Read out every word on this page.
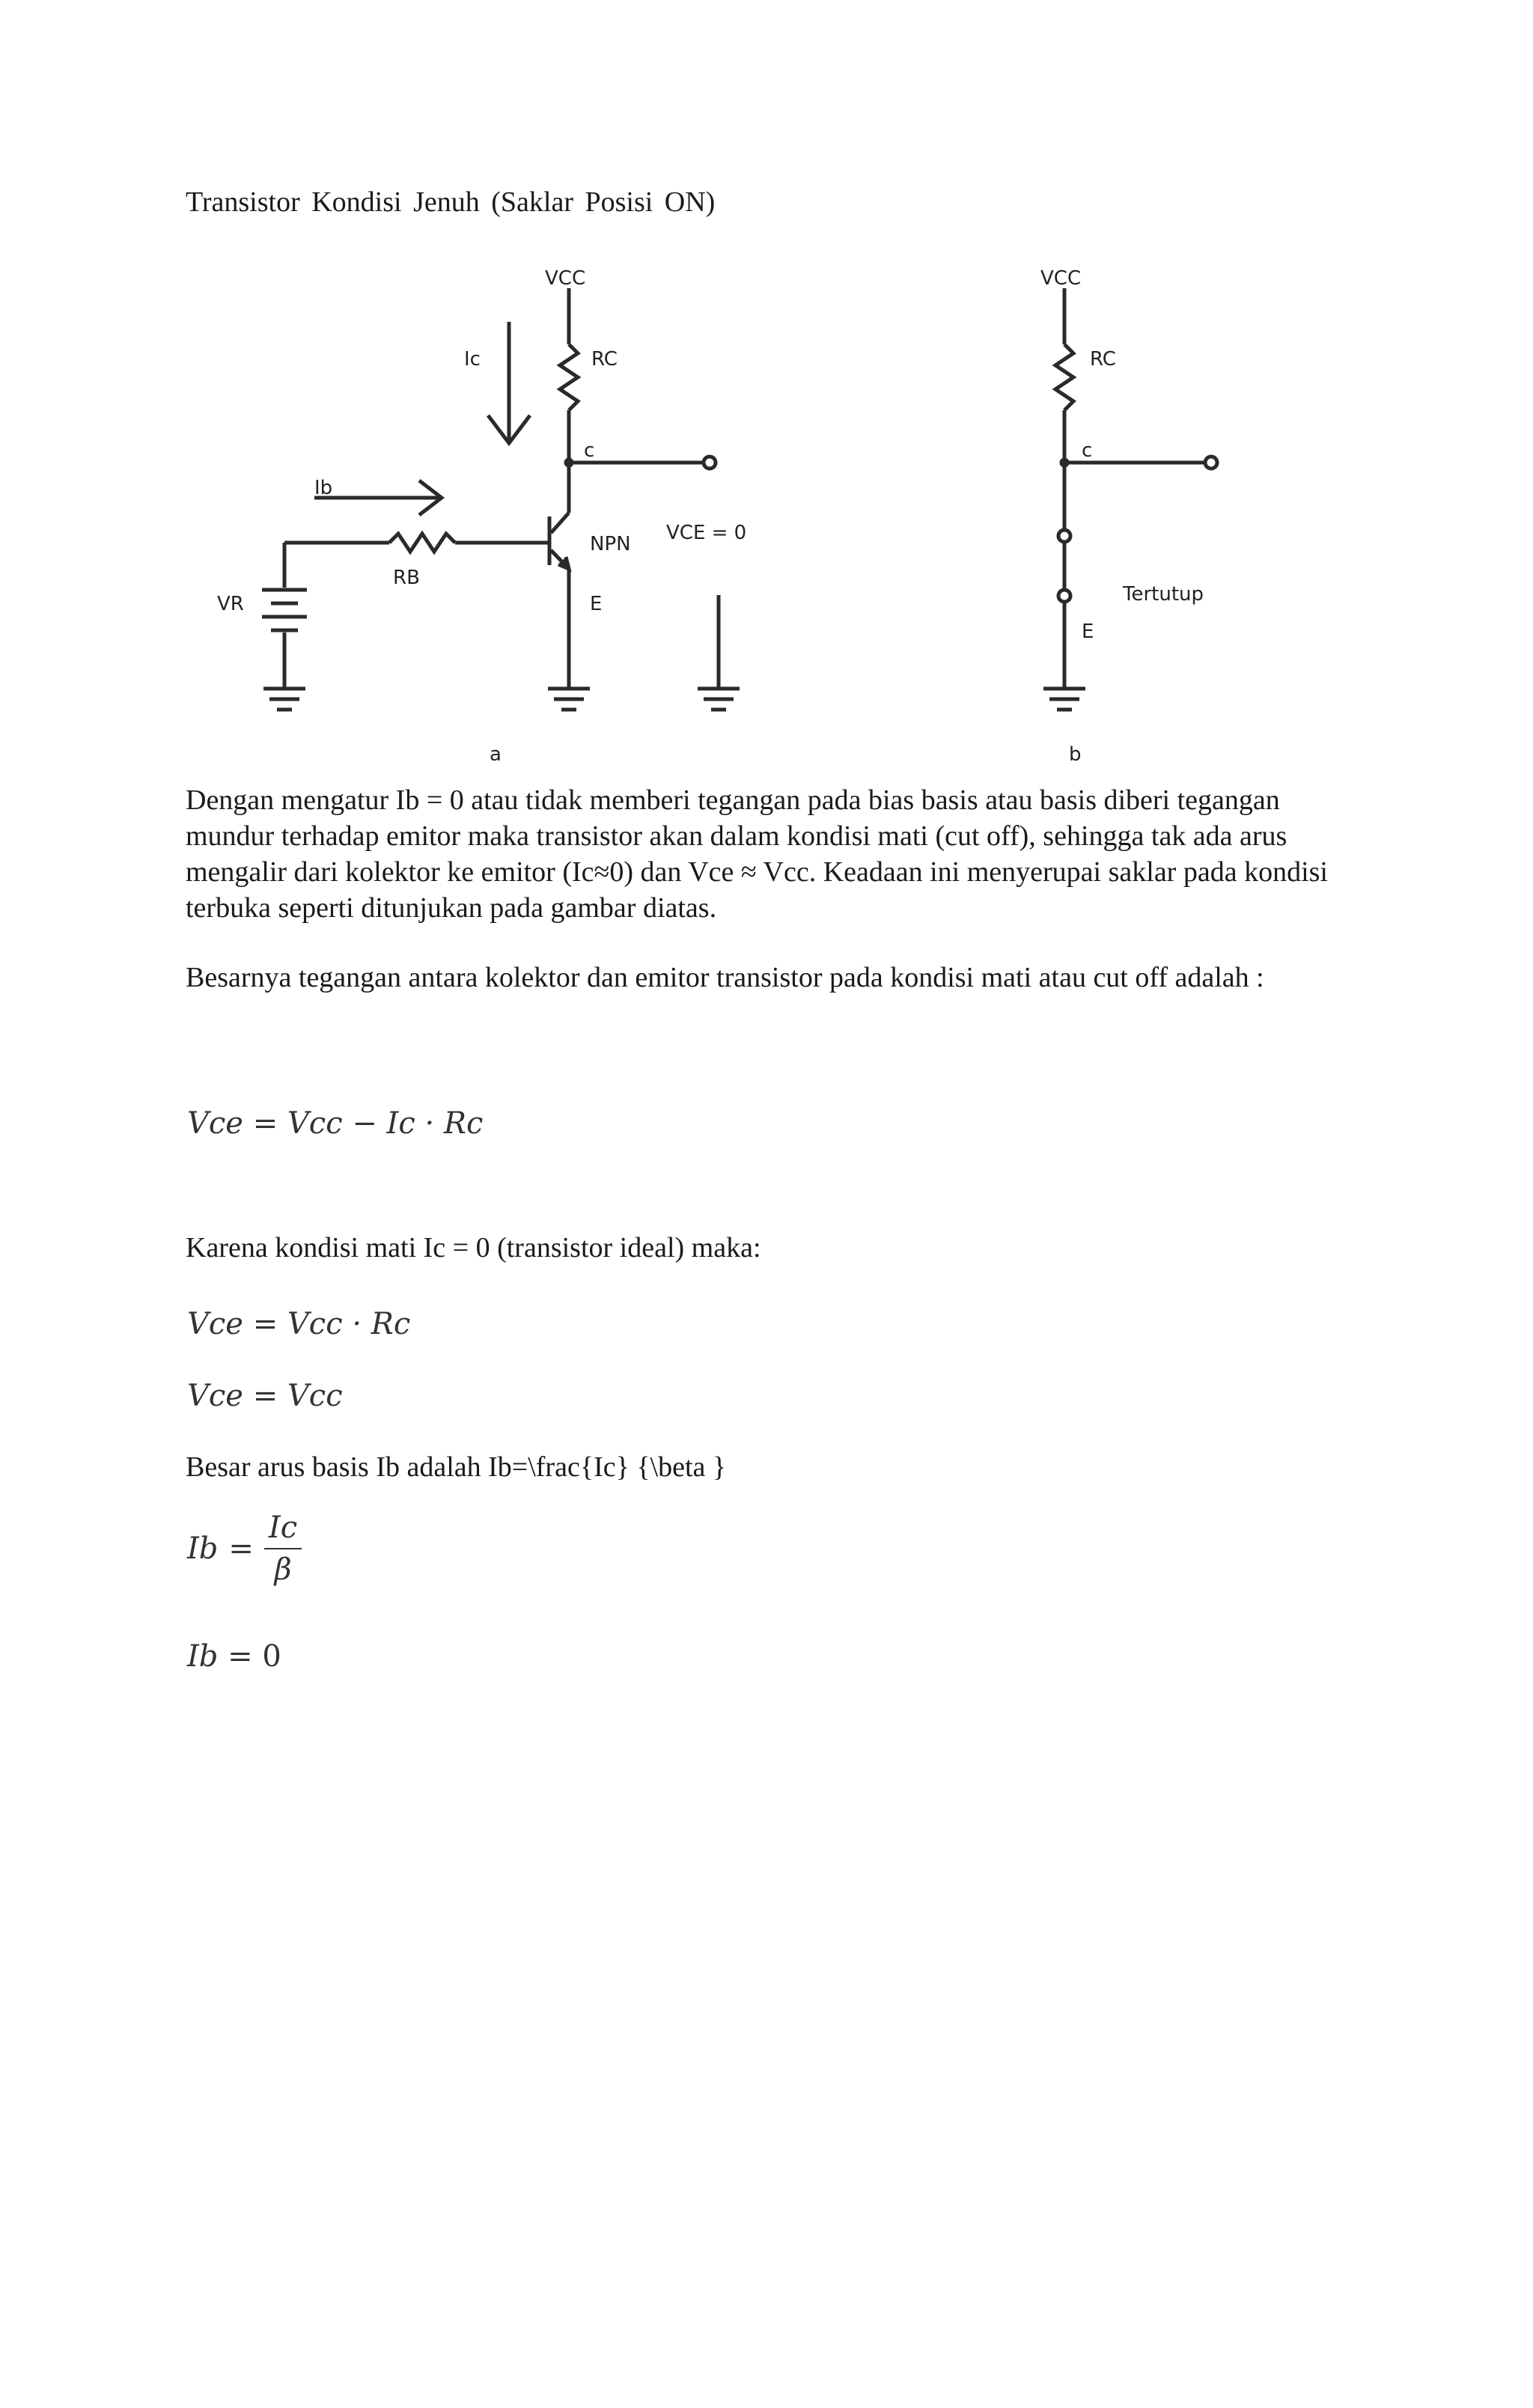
Transistor Kondisi Jenuh (Saklar Posisi ON)
VCC
RC
Ic
c
NPN
E
VCE = 0
Ib
RB
VR
a
VCC
RC
c
Tertutup
E
b
Dengan mengatur Ib = 0 atau tidak memberi tegangan pada bias basis atau basis diberi tegangan mundur terhadap emitor maka transistor akan dalam kondisi mati (cut off), sehingga tak ada arus mengalir dari kolektor ke emitor (Ic≈0) dan Vce ≈ Vcc. Keadaan ini menyerupai saklar pada kondisi terbuka seperti ditunjukan pada gambar diatas.
Besarnya tegangan antara kolektor dan emitor transistor pada kondisi mati atau cut off adalah :
Vce = Vcc − Ic · Rc
Karena kondisi mati Ic = 0 (transistor ideal) maka:
Vce = Vcc · Rc
Vce = Vcc
Besar arus basis Ib adalah Ib=\frac{Ic} {\beta }
$Ib = \frac{Ic}{\beta}$
Ib = 0
